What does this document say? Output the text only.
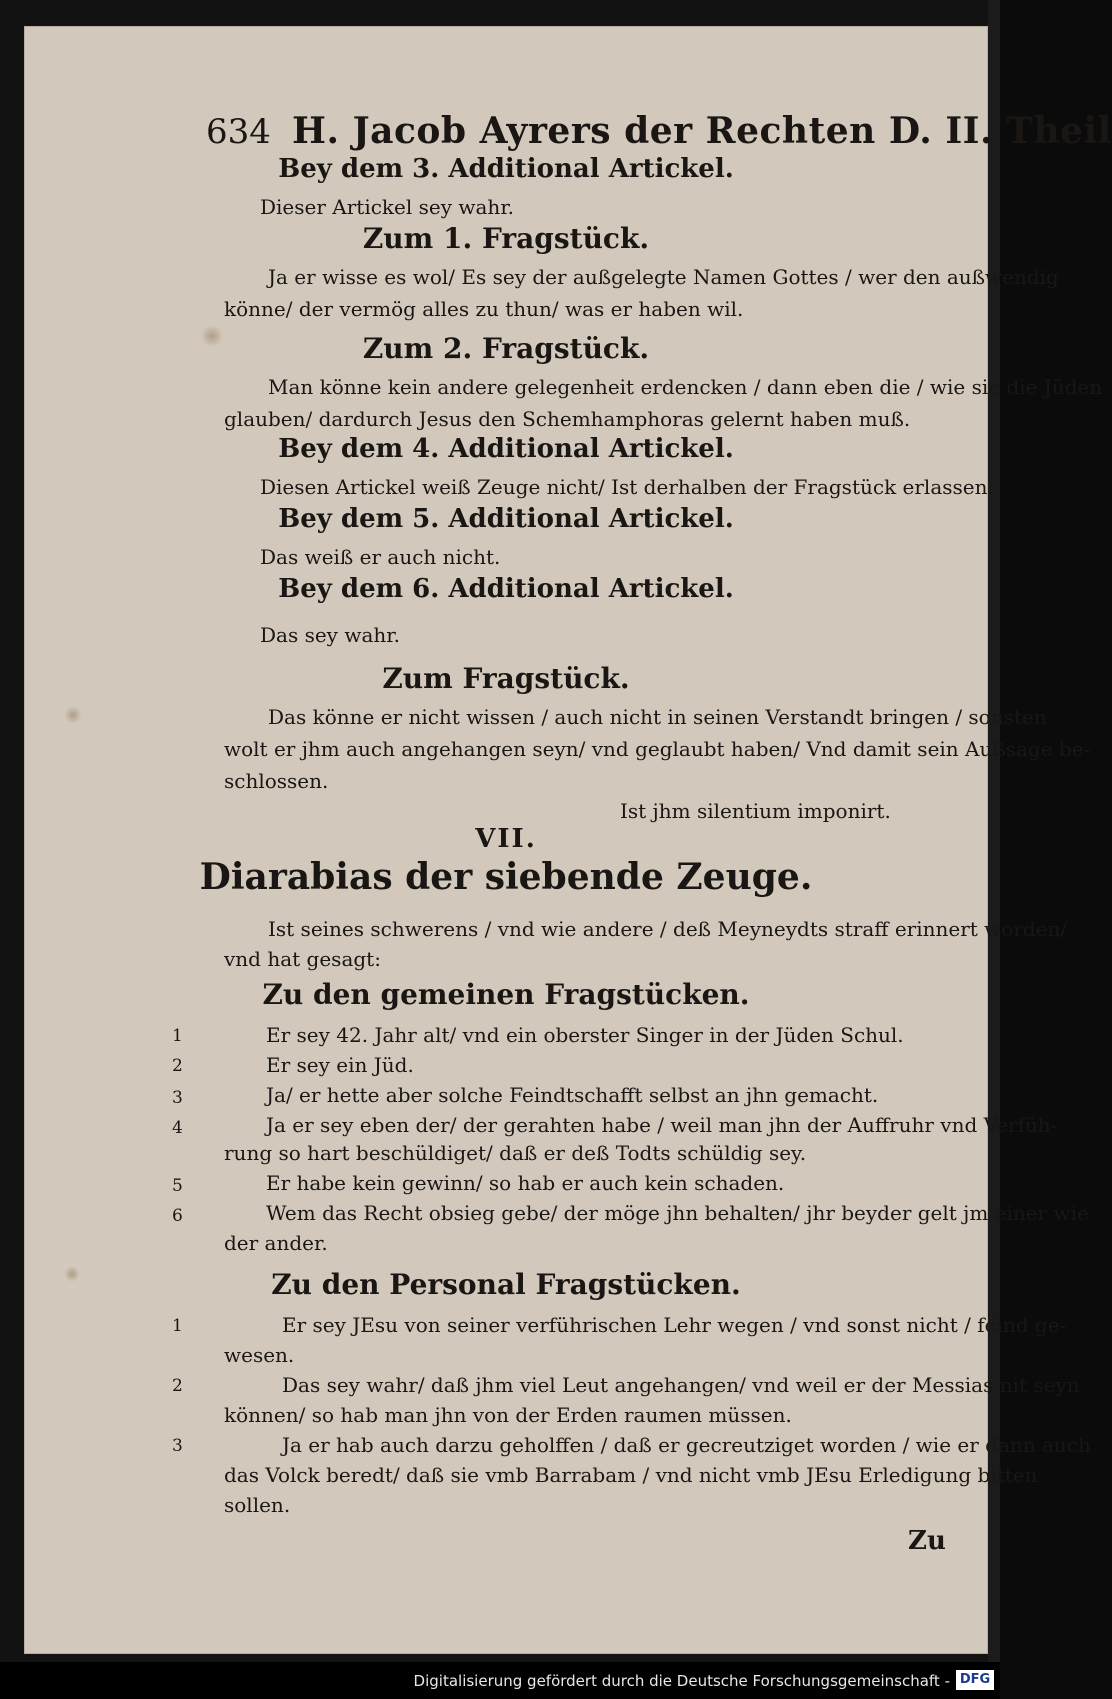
634 H. Jacob Ayrers der Rechten D. II. Theil
Bey dem 3. Additional Artickel.
Dieser Artickel sey wahr.
Zum 1. Fragstück.
Ja er wisse es wol/ Es sey der außgelegte Namen Gottes / wer den außwendig
könne/ der vermög alles zu thun/ was er haben wil.
Zum 2. Fragstück.
Man könne kein andere gelegenheit erdencken / dann eben die / wie sie die Jüden
glauben/ dardurch Jesus den Schemhamphoras gelernt haben muß.
Bey dem 4. Additional Artickel.
Diesen Artickel weiß Zeuge nicht/ Ist derhalben der Fragstück erlassen.
Bey dem 5. Additional Artickel.
Das weiß er auch nicht.
Bey dem 6. Additional Artickel.
Das sey wahr.
Zum Fragstück.
Das könne er nicht wissen / auch nicht in seinen Verstandt bringen / sonsten
wolt er jhm auch angehangen seyn/ vnd geglaubt haben/ Vnd damit sein Außsage be-
schlossen.
Ist jhm silentium imponirt.
VII.
Diarabias der siebende Zeuge.
Ist seines schwerens / vnd wie andere / deß Meyneydts straff erinnert worden/
vnd hat gesagt:
Zu den gemeinen Fragstücken.
1	Er sey 42. Jahr alt/ vnd ein oberster Singer in der Jüden Schul.
2	Er sey ein Jüd.
3	Ja/ er hette aber solche Feindtschafft selbst an jhn gemacht.
4	Ja er sey eben der/ der gerahten habe / weil man jhn der Auffruhr vnd Verfüh-
rung so hart beschüldiget/ daß er deß Todts schüldig sey.
5	Er habe kein gewinn/ so hab er auch kein schaden.
6	Wem das Recht obsieg gebe/ der möge jhn behalten/ jhr beyder gelt jm einer wie
der ander.
Zu den Personal Fragstücken.
1	Er sey JEsu von seiner verführischen Lehr wegen / vnd sonst nicht / feind ge-
wesen.
2	Das sey wahr/ daß jhm viel Leut angehangen/ vnd weil er der Messias nit seyn
können/ so hab man jhn von der Erden raumen müssen.
3	Ja er hab auch darzu geholffen / daß er gecreutziget worden / wie er dann auch
das Volck beredt/ daß sie vmb Barrabam / vnd nicht vmb JEsu Erledigung bitten
sollen.
Zu
Digitalisierung gefördert durch die Deutsche Forschungsgemeinschaft - DFG
